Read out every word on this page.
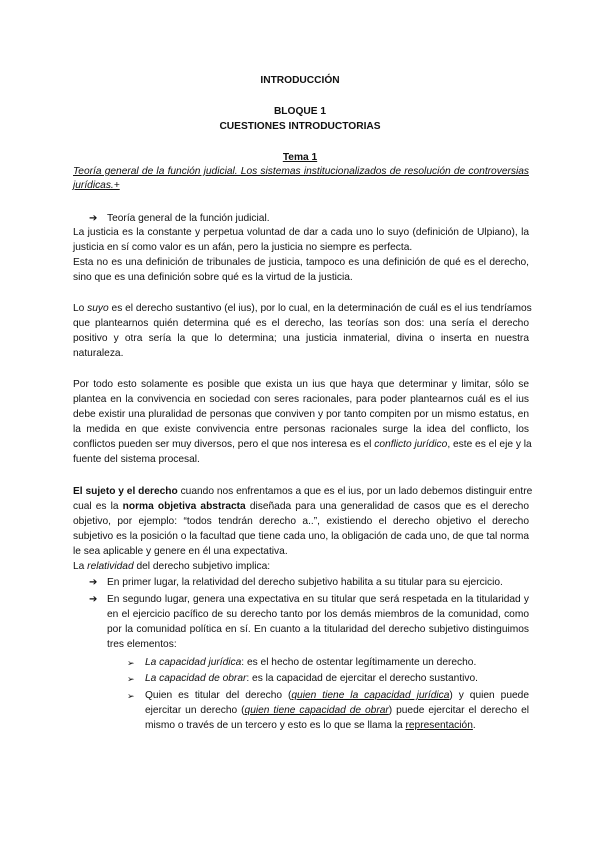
INTRODUCCIÓN
BLOQUE 1
CUESTIONES INTRODUCTORIAS
Tema 1
Teoría general de la función judicial. Los sistemas institucionalizados de resolución de controversias
jurídicas.+
➔ Teoría general de la función judicial.
La justicia es la constante y perpetua voluntad de dar a cada uno lo suyo (definición de Ulpiano), la
justicia en sí como valor es un afán, pero la justicia no siempre es perfecta.
Esta no es una definición de tribunales de justicia, tampoco es una definición de qué es el derecho,
sino que es una definición sobre qué es la virtud de la justicia.
Lo suyo es el derecho sustantivo (el ius), por lo cual, en la determinación de cuál es el ius tendríamos
que plantearnos quién determina qué es el derecho, las teorías son dos: una sería el derecho
positivo y otra sería la que lo determina; una justicia inmaterial, divina o inserta en nuestra
naturaleza.
Por todo esto solamente es posible que exista un ius que haya que determinar y limitar, sólo se
plantea en la convivencia en sociedad con seres racionales, para poder plantearnos cuál es el ius
debe existir una pluralidad de personas que conviven y por tanto compiten por un mismo estatus, en
la medida en que existe convivencia entre personas racionales surge la idea del conflicto, los
conflictos pueden ser muy diversos, pero el que nos interesa es el conflicto jurídico, este es el eje y la
fuente del sistema procesal.
El sujeto y el derecho cuando nos enfrentamos a que es el ius, por un lado debemos distinguir entre
cual es la norma objetiva abstracta diseñada para una generalidad de casos que es el derecho
objetivo, por ejemplo: “todos tendrán derecho a..”, existiendo el derecho objetivo el derecho
subjetivo es la posición o la facultad que tiene cada uno, la obligación de cada uno, de que tal norma
le sea aplicable y genere en él una expectativa.
La relatividad del derecho subjetivo implica:
➔ En primer lugar, la relatividad del derecho subjetivo habilita a su titular para su ejercicio.
➔ En segundo lugar, genera una expectativa en su titular que será respetada en la titularidad y
en el ejercicio pacífico de su derecho tanto por los demás miembros de la comunidad, como
por la comunidad política en sí. En cuanto a la titularidad del derecho subjetivo distinguimos
tres elementos:
➢ La capacidad jurídica: es el hecho de ostentar legítimamente un derecho.
➢ La capacidad de obrar: es la capacidad de ejercitar el derecho sustantivo.
➢ Quien es titular del derecho (quien tiene la capacidad jurídica) y quien puede
ejercitar un derecho (quien tiene capacidad de obrar) puede ejercitar el derecho el
mismo o través de un tercero y esto es lo que se llama la representación.
